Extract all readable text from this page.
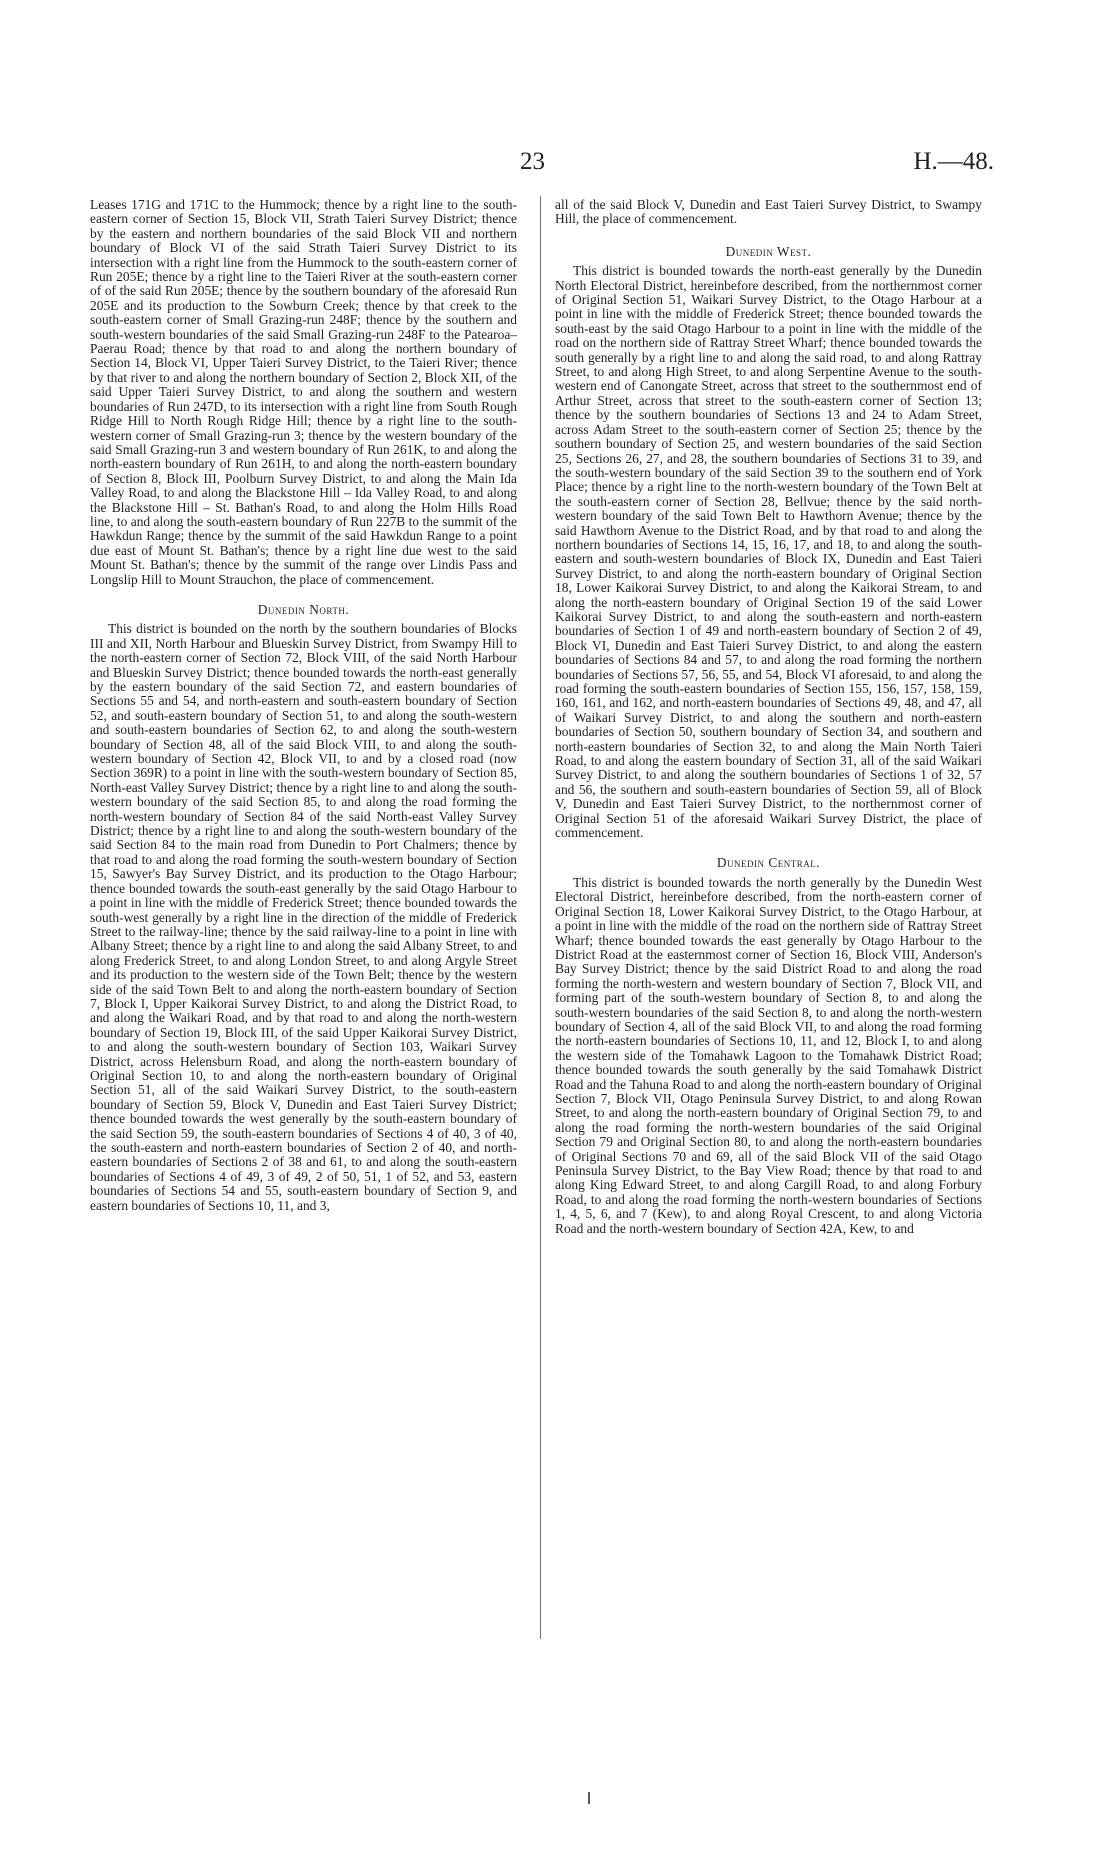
23	H.—48.

Leases 171G and 171C to the Hummock; thence by a right line to the south-eastern corner of Section 15, Block VII, Strath Taieri Survey District; thence by the eastern and northern boundaries of the said Block VII and northern boundary of Block VI of the said Strath Taieri Survey District to its intersection with a right line from the Hummock to the south-eastern corner of Run 205E; thence by a right line to the Taieri River at the south-eastern corner of of the said Run 205E; thence by the southern boundary of the aforesaid Run 205E and its production to the Sowburn Creek; thence by that creek to the south-eastern corner of Small Grazing-run 248F; thence by the southern and south-western boundaries of the said Small Grazing-run 248F to the Patearoa–Paerau Road; thence by that road to and along the northern boundary of Section 14, Block VI, Upper Taieri Survey District, to the Taieri River; thence by that river to and along the northern boundary of Section 2, Block XII, of the said Upper Taieri Survey District, to and along the southern and western boundaries of Run 247D, to its intersection with a right line from South Rough Ridge Hill to North Rough Ridge Hill; thence by a right line to the south-western corner of Small Grazing-run 3; thence by the western boundary of the said Small Grazing-run 3 and western boundary of Run 261K, to and along the north-eastern boundary of Run 261H, to and along the north-eastern boundary of Section 8, Block III, Poolburn Survey District, to and along the Main Ida Valley Road, to and along the Blackstone Hill – Ida Valley Road, to and along the Blackstone Hill – St. Bathan's Road, to and along the Holm Hills Road line, to and along the south-eastern boundary of Run 227B to the summit of the Hawkdun Range; thence by the summit of the said Hawkdun Range to a point due east of Mount St. Bathan's; thence by a right line due west to the said Mount St. Bathan's; thence by the summit of the range over Lindis Pass and Longslip Hill to Mount Strauchon, the place of commencement.

Dunedin North.

This district is bounded on the north by the southern boundaries of Blocks III and XII, North Harbour and Blueskin Survey District, from Swampy Hill to the north-eastern corner of Section 72, Block VIII, of the said North Harbour and Blueskin Survey District; thence bounded towards the north-east generally by the eastern boundary of the said Section 72, and eastern boundaries of Sections 55 and 54, and north-eastern and south-eastern boundary of Section 52, and south-eastern boundary of Section 51, to and along the south-western and south-eastern boundaries of Section 62, to and along the south-western boundary of Section 48, all of the said Block VIII, to and along the south-western boundary of Section 42, Block VII, to and by a closed road (now Section 369R) to a point in line with the south-western boundary of Section 85, North-east Valley Survey District; thence by a right line to and along the south-western boundary of the said Section 85, to and along the road forming the north-western boundary of Section 84 of the said North-east Valley Survey District; thence by a right line to and along the south-western boundary of the said Section 84 to the main road from Dunedin to Port Chalmers; thence by that road to and along the road forming the south-western boundary of Section 15, Sawyer's Bay Survey District, and its production to the Otago Harbour; thence bounded towards the south-east generally by the said Otago Harbour to a point in line with the middle of Frederick Street; thence bounded towards the south-west generally by a right line in the direction of the middle of Frederick Street to the railway-line; thence by the said railway-line to a point in line with Albany Street; thence by a right line to and along the said Albany Street, to and along Frederick Street, to and along London Street, to and along Argyle Street and its production to the western side of the Town Belt; thence by the western side of the said Town Belt to and along the north-eastern boundary of Section 7, Block I, Upper Kaikorai Survey District, to and along the District Road, to and along the Waikari Road, and by that road to and along the north-western boundary of Section 19, Block III, of the said Upper Kaikorai Survey District, to and along the south-western boundary of Section 103, Waikari Survey District, across Helensburn Road, and along the north-eastern boundary of Original Section 10, to and along the north-eastern boundary of Original Section 51, all of the said Waikari Survey District, to the south-eastern boundary of Section 59, Block V, Dunedin and East Taieri Survey District; thence bounded towards the west generally by the south-eastern boundary of the said Section 59, the south-eastern boundaries of Sections 4 of 40, 3 of 40, the south-eastern and north-eastern boundaries of Section 2 of 40, and north-eastern boundaries of Sections 2 of 38 and 61, to and along the south-eastern boundaries of Sections 4 of 49, 3 of 49, 2 of 50, 51, 1 of 52, and 53, eastern boundaries of Sections 54 and 55, south-eastern boundary of Section 9, and eastern boundaries of Sections 10, 11, and 3,

all of the said Block V, Dunedin and East Taieri Survey District, to Swampy Hill, the place of commencement.

Dunedin West.

This district is bounded towards the north-east generally by the Dunedin North Electoral District, hereinbefore described, from the northernmost corner of Original Section 51, Waikari Survey District, to the Otago Harbour at a point in line with the middle of Frederick Street; thence bounded towards the south-east by the said Otago Harbour to a point in line with the middle of the road on the northern side of Rattray Street Wharf; thence bounded towards the south generally by a right line to and along the said road, to and along Rattray Street, to and along High Street, to and along Serpentine Avenue to the south-western end of Canongate Street, across that street to the southernmost end of Arthur Street, across that street to the south-eastern corner of Section 13; thence by the southern boundaries of Sections 13 and 24 to Adam Street, across Adam Street to the south-eastern corner of Section 25; thence by the southern boundary of Section 25, and western boundaries of the said Section 25, Sections 26, 27, and 28, the southern boundaries of Sections 31 to 39, and the south-western boundary of the said Section 39 to the southern end of York Place; thence by a right line to the north-western boundary of the Town Belt at the south-eastern corner of Section 28, Bellvue; thence by the said north-western boundary of the said Town Belt to Hawthorn Avenue; thence by the said Hawthorn Avenue to the District Road, and by that road to and along the northern boundaries of Sections 14, 15, 16, 17, and 18, to and along the south-eastern and south-western boundaries of Block IX, Dunedin and East Taieri Survey District, to and along the north-eastern boundary of Original Section 18, Lower Kaikorai Survey District, to and along the Kaikorai Stream, to and along the north-eastern boundary of Original Section 19 of the said Lower Kaikorai Survey District, to and along the south-eastern and north-eastern boundaries of Section 1 of 49 and north-eastern boundary of Section 2 of 49, Block VI, Dunedin and East Taieri Survey District, to and along the eastern boundaries of Sections 84 and 57, to and along the road forming the northern boundaries of Sections 57, 56, 55, and 54, Block VI aforesaid, to and along the road forming the south-eastern boundaries of Section 155, 156, 157, 158, 159, 160, 161, and 162, and north-eastern boundaries of Sections 49, 48, and 47, all of Waikari Survey District, to and along the southern and north-eastern boundaries of Section 50, southern boundary of Section 34, and southern and north-eastern boundaries of Section 32, to and along the Main North Taieri Road, to and along the eastern boundary of Section 31, all of the said Waikari Survey District, to and along the southern boundaries of Sections 1 of 32, 57 and 56, the southern and south-eastern boundaries of Section 59, all of Block V, Dunedin and East Taieri Survey District, to the northernmost corner of Original Section 51 of the aforesaid Waikari Survey District, the place of commencement.

Dunedin Central.

This district is bounded towards the north generally by the Dunedin West Electoral District, hereinbefore described, from the north-eastern corner of Original Section 18, Lower Kaikorai Survey District, to the Otago Harbour, at a point in line with the middle of the road on the northern side of Rattray Street Wharf; thence bounded towards the east generally by Otago Harbour to the District Road at the easternmost corner of Section 16, Block VIII, Anderson's Bay Survey District; thence by the said District Road to and along the road forming the north-western and western boundary of Section 7, Block VII, and forming part of the south-western boundary of Section 8, to and along the south-western boundaries of the said Section 8, to and along the north-western boundary of Section 4, all of the said Block VII, to and along the road forming the north-eastern boundaries of Sections 10, 11, and 12, Block I, to and along the western side of the Tomahawk Lagoon to the Tomahawk District Road; thence bounded towards the south generally by the said Tomahawk District Road and the Tahuna Road to and along the north-eastern boundary of Original Section 7, Block VII, Otago Peninsula Survey District, to and along Rowan Street, to and along the north-eastern boundary of Original Section 79, to and along the road forming the north-western boundaries of the said Original Section 79 and Original Section 80, to and along the north-eastern boundaries of Original Sections 70 and 69, all of the said Block VII of the said Otago Peninsula Survey District, to the Bay View Road; thence by that road to and along King Edward Street, to and along Cargill Road, to and along Forbury Road, to and along the road forming the north-western boundaries of Sections 1, 4, 5, 6, and 7 (Kew), to and along Royal Crescent, to and along Victoria Road and the north-western boundary of Section 42A, Kew, to and
